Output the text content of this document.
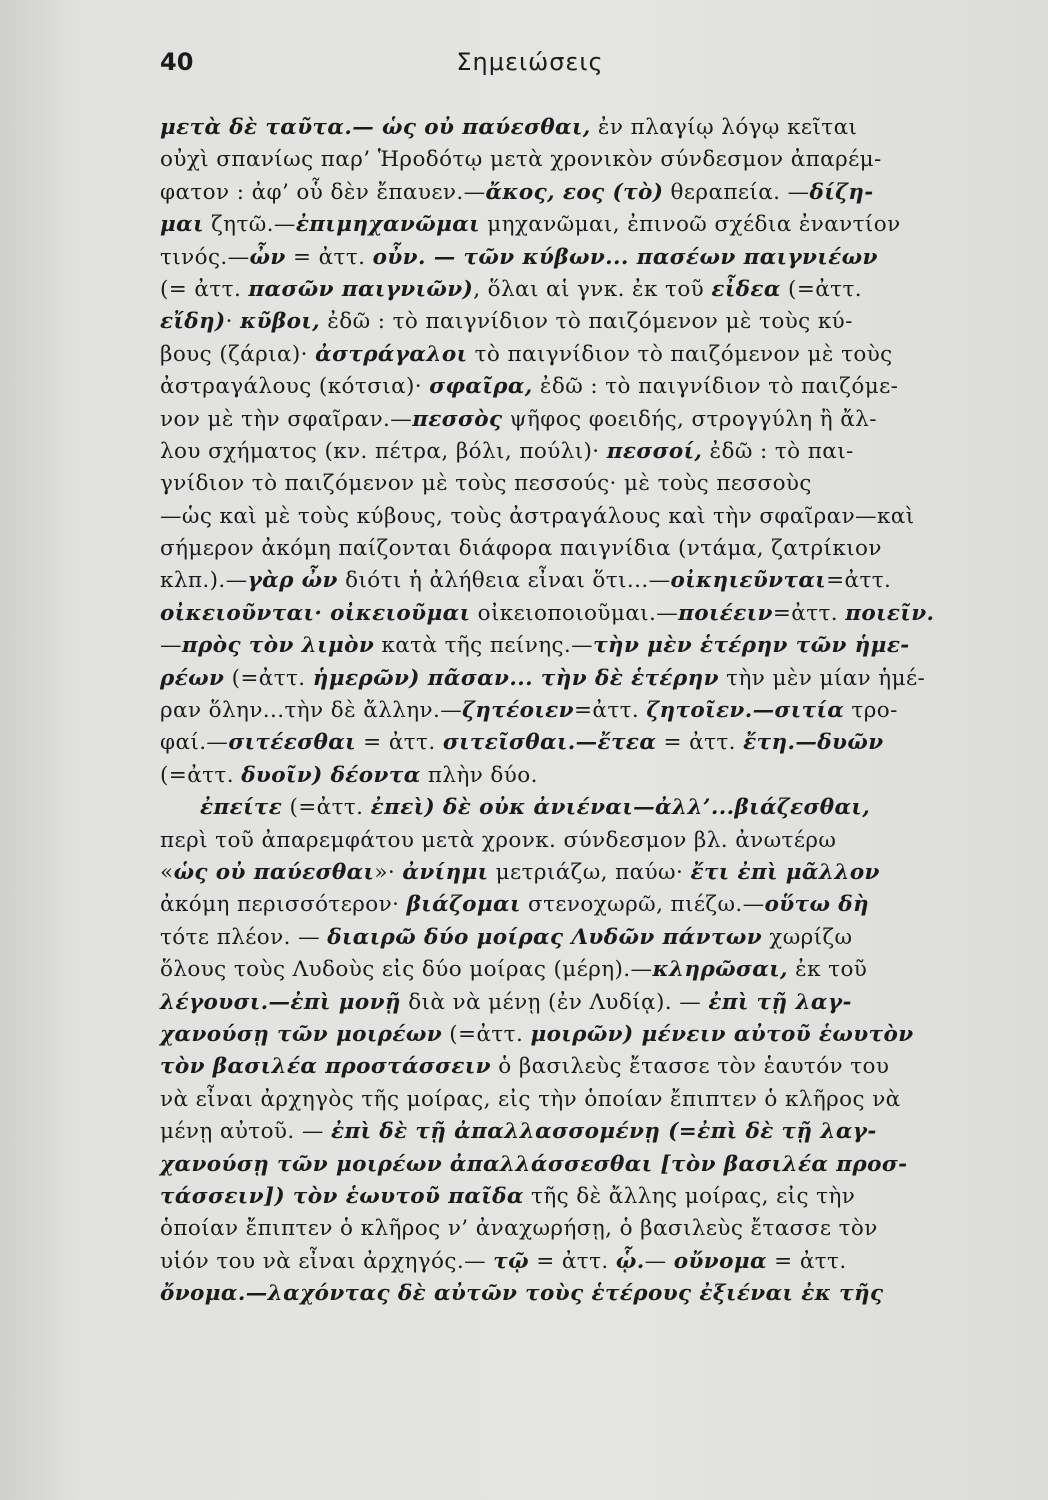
40	Σημειώσεις
μετὰ δὲ ταῦτα.— ὡς οὐ παύεσθαι, ἐν πλαγίῳ λόγῳ κεῖται
οὐχὶ σπανίως παρ’ Ἡροδότῳ μετὰ χρονικὸν σύνδεσμον ἀπαρέμ-
φατον : ἀφ’ οὗ δὲν ἔπαυεν.—ἄκος, εος (τὸ) θεραπεία. —δίζη-
μαι ζητῶ.—ἐπιμηχανῶμαι μηχανῶμαι, ἐπινοῶ σχέδια ἐναντίον
τινός.—ὦν = ἀττ. οὖν. — τῶν κύβων... πασέων παιγνιέων
(= ἀττ. πασῶν παιγνιῶν), ὅλαι αἱ γνκ. ἐκ τοῦ εἶδεα (=ἀττ.
εἴδη)· κῦβοι, ἐδῶ : τὸ παιγνίδιον τὸ παιζόμενον μὲ τοὺς κύ-
βους (ζάρια)· ἀστράγαλοι τὸ παιγνίδιον τὸ παιζόμενον μὲ τοὺς
ἀστραγάλους (κότσια)· σφαῖρα, ἐδῶ : τὸ παιγνίδιον τὸ παιζόμε-
νον μὲ τὴν σφαῖραν.—πεσσὸς ψῆφος φοειδής, στρογγύλη ἢ ἄλ-
λου σχήματος (κν. πέτρα, βόλι, πούλι)· πεσσοί, ἐδῶ : τὸ παι-
γνίδιον τὸ παιζόμενον μὲ τοὺς πεσσούς· μὲ τοὺς πεσσοὺς
—ὡς καὶ μὲ τοὺς κύβους, τοὺς ἀστραγάλους καὶ τὴν σφαῖραν—καὶ
σήμερον ἀκόμη παίζονται διάφορα παιγνίδια (ντάμα, ζατρίκιον
κλπ.).—γὰρ ὦν διότι ἡ ἀλήθεια εἶναι ὅτι...—οἰκηιεῦνται=ἀττ.
οἰκειοῦνται· οἰκειοῦμαι οἰκειοποιοῦμαι.—ποιέειν=ἀττ. ποιεῖν.
—πρὸς τὸν λιμὸν κατὰ τῆς πείνης.—τὴν μὲν ἑτέρην τῶν ἡμε-
ρέων (=ἀττ. ἡμερῶν) πᾶσαν... τὴν δὲ ἑτέρην τὴν μὲν μίαν ἡμέ-
ραν ὅλην...τὴν δὲ ἄλλην.—ζητέοιεν=ἀττ. ζητοῖεν.—σιτία τρο-
φαί.—σιτέεσθαι = ἀττ. σιτεῖσθαι.—ἔτεα = ἀττ. ἔτη.—δυῶν
(=ἀττ. δυοῖν) δέοντα πλὴν δύο.
ἐπείτε (=ἀττ. ἐπεὶ) δὲ οὐκ ἀνιέναι—ἀλλ’...βιάζεσθαι,
περὶ τοῦ ἀπαρεμφάτου μετὰ χρονκ. σύνδεσμον βλ. ἀνωτέρω
«ὡς οὐ παύεσθαι»· ἀνίημι μετριάζω, παύω· ἔτι ἐπὶ μᾶλλον
ἀκόμη περισσότερον· βιάζομαι στενοχωρῶ, πιέζω.—οὕτω δὴ
τότε πλέον. — διαιρῶ δύο μοίρας Λυδῶν πάντων χωρίζω
ὅλους τοὺς Λυδοὺς εἰς δύο μοίρας (μέρη).—κληρῶσαι, ἐκ τοῦ
λέγουσι.—ἐπὶ μονῇ διὰ νὰ μένῃ (ἐν Λυδίᾳ). — ἐπὶ τῇ λαγ-
χανούσῃ τῶν μοιρέων (=ἀττ. μοιρῶν) μένειν αὐτοῦ ἑωυτὸν
τὸν βασιλέα προστάσσειν ὁ βασιλεὺς ἔτασσε τὸν ἑαυτόν του
νὰ εἶναι ἀρχηγὸς τῆς μοίρας, εἰς τὴν ὁποίαν ἔπιπτεν ὁ κλῆρος νὰ
μένῃ αὐτοῦ. — ἐπὶ δὲ τῇ ἀπαλλασσομένῃ (=ἐπὶ δὲ τῇ λαγ-
χανούσῃ τῶν μοιρέων ἀπαλλάσσεσθαι [τὸν βασιλέα προσ-
τάσσειν]) τὸν ἑωυτοῦ παῖδα τῆς δὲ ἄλλης μοίρας, εἰς τὴν
ὁποίαν ἔπιπτεν ὁ κλῆρος ν’ ἀναχωρήσῃ, ὁ βασιλεὺς ἔτασσε τὸν
υἱόν του νὰ εἶναι ἀρχηγός.— τῷ = ἀττ. ᾧ.— οὔνομα = ἀττ.
ὄνομα.—λαχόντας δὲ αὐτῶν τοὺς ἑτέρους ἐξιέναι ἐκ τῆς
